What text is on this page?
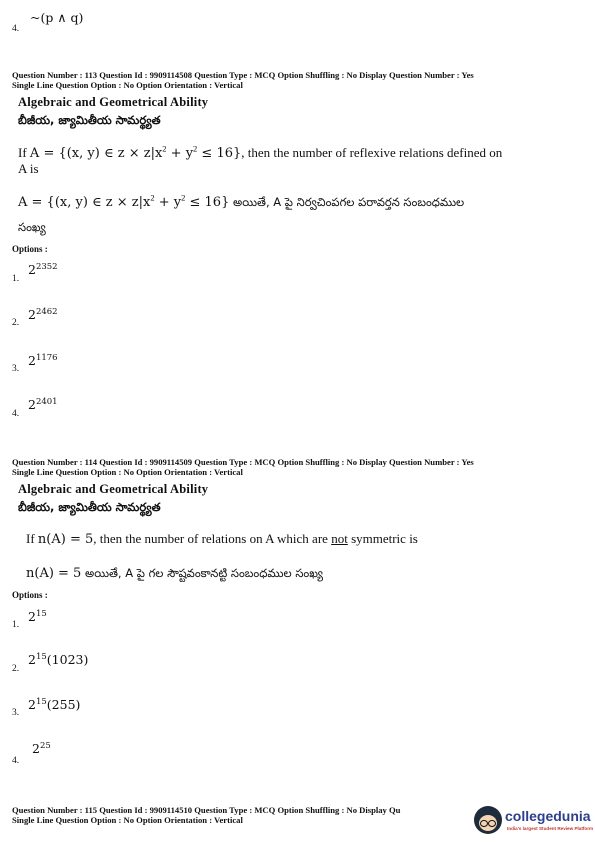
4.
~(p ∧ q)
Question Number : 113 Question Id : 9909114508 Question Type : MCQ Option Shuffling : No Display Question Number : Yes
Single Line Question Option : No Option Orientation : Vertical
Algebraic and Geometrical Ability
బీజీయ, జ్యామితీయ సామర్థ్యత
If A = {(x, y) ∈ $z \times z|x^2 + y^2 \le 16$}, then the number of reflexive relations defined on
A is
A = {(x, y) ∈ $z \times z|x^2 + y^2 \le 16$} అయితే, A పై నిర్వచింపగల పరావర్తన సంబంధముల
సంఖ్య
Options :
1.
$2^{2352}$
2.
$2^{2462}$
3.
$2^{1176}$
4.
$2^{2401}$
Question Number : 114 Question Id : 9909114509 Question Type : MCQ Option Shuffling : No Display Question Number : Yes
Single Line Question Option : No Option Orientation : Vertical
Algebraic and Geometrical Ability
బీజీయ, జ్యామితీయ సామర్థ్యత
If n(A) = 5, then the number of relations on A which are not symmetric is
n(A) = 5 అయితే, A పై గల సౌష్టవంకానట్టి సంబంధముల సంఖ్య
Options :
1.
$2^{15}$
2.
$2^{15}(1023)$
3.
$2^{15}(255)$
4.
$2^{25}$
Question Number : 115 Question Id : 9909114510 Question Type : MCQ Option Shuffling : No Display Qu
Single Line Question Option : No Option Orientation : Vertical	collegedunia
India's largest Student Review Platform
